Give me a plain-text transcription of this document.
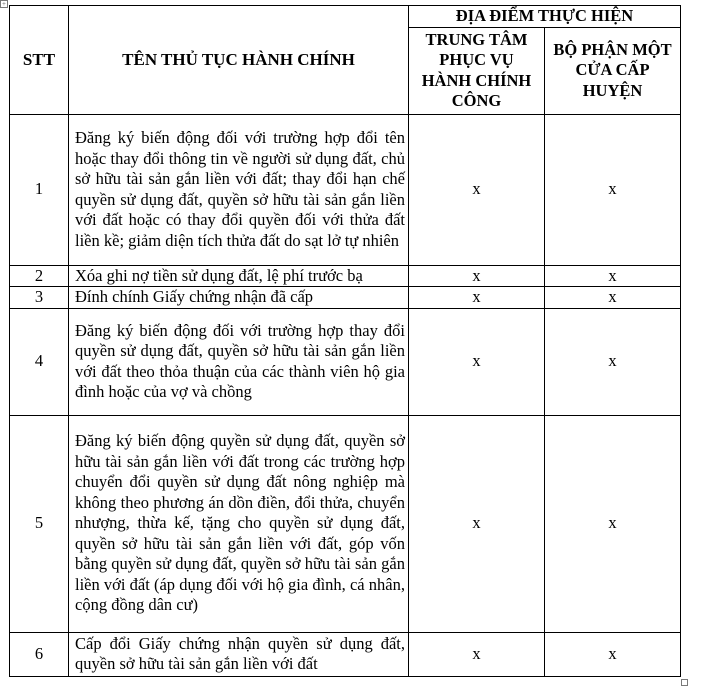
+
STT	TÊN THỦ TỤC HÀNH CHÍNH	ĐỊA ĐIỂM THỰC HIỆN	
		TRUNG TÂM PHỤC VỤ HÀNH CHÍNH CÔNG	BỘ PHẬN MỘT CỬA CẤP HUYỆN
1	Đăng ký biến động đối với trường hợp đổi tên hoặc thay đổi thông tin về người sử dụng đất, chủ sở hữu tài sản gắn liền với đất; thay đổi hạn chế quyền sử dụng đất, quyền sở hữu tài sản gắn liền với đất hoặc có thay đổi quyền đối với thửa đất liền kề; giảm diện tích thửa đất do sạt lở tự nhiên	x	x
2	Xóa ghi nợ tiền sử dụng đất, lệ phí trước bạ	x	x
3	Đính chính Giấy chứng nhận đã cấp	x	x
4	Đăng ký biến động đối với trường hợp thay đổi quyền sử dụng đất, quyền sở hữu tài sản gắn liền với đất theo thỏa thuận của các thành viên hộ gia đình hoặc của vợ và chồng	x	x
5	Đăng ký biến động quyền sử dụng đất, quyền sở hữu tài sản gắn liền với đất trong các trường hợp chuyển đổi quyền sử dụng đất nông nghiệp mà không theo phương án dồn điền, đổi thửa, chuyển nhượng, thừa kế, tặng cho quyền sử dụng đất, quyền sở hữu tài sản gắn liền với đất, góp vốn bằng quyền sử dụng đất, quyền sở hữu tài sản gắn liền với đất (áp dụng đối với hộ gia đình, cá nhân, cộng đồng dân cư)	x	x
6	Cấp đổi Giấy chứng nhận quyền sử dụng đất, quyền sở hữu tài sản gắn liền với đất	x	x
